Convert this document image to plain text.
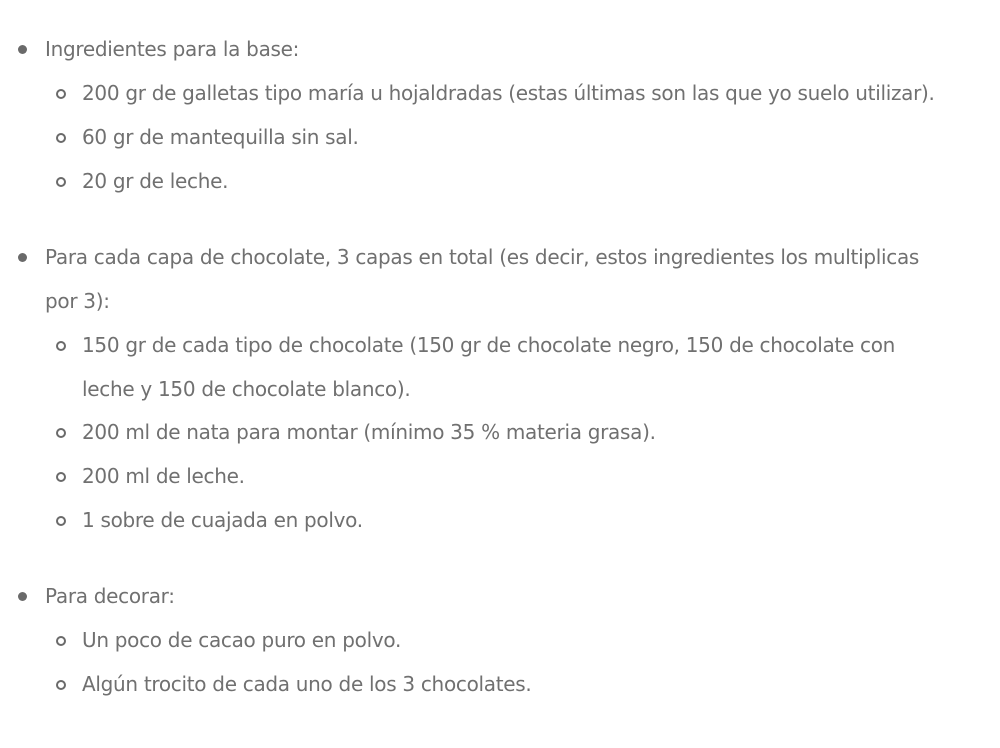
Ingredientes para la base:
200 gr de galletas tipo maría u hojaldradas (estas últimas son las que yo suelo utilizar).
60 gr de mantequilla sin sal.
20 gr de leche.
Para cada capa de chocolate, 3 capas en total (es decir, estos ingredientes los multiplicas
por 3):
150 gr de cada tipo de chocolate (150 gr de chocolate negro, 150 de chocolate con
leche y 150 de chocolate blanco).
200 ml de nata para montar (mínimo 35 % materia grasa).
200 ml de leche.
1 sobre de cuajada en polvo.
Para decorar:
Un poco de cacao puro en polvo.
Algún trocito de cada uno de los 3 chocolates.
